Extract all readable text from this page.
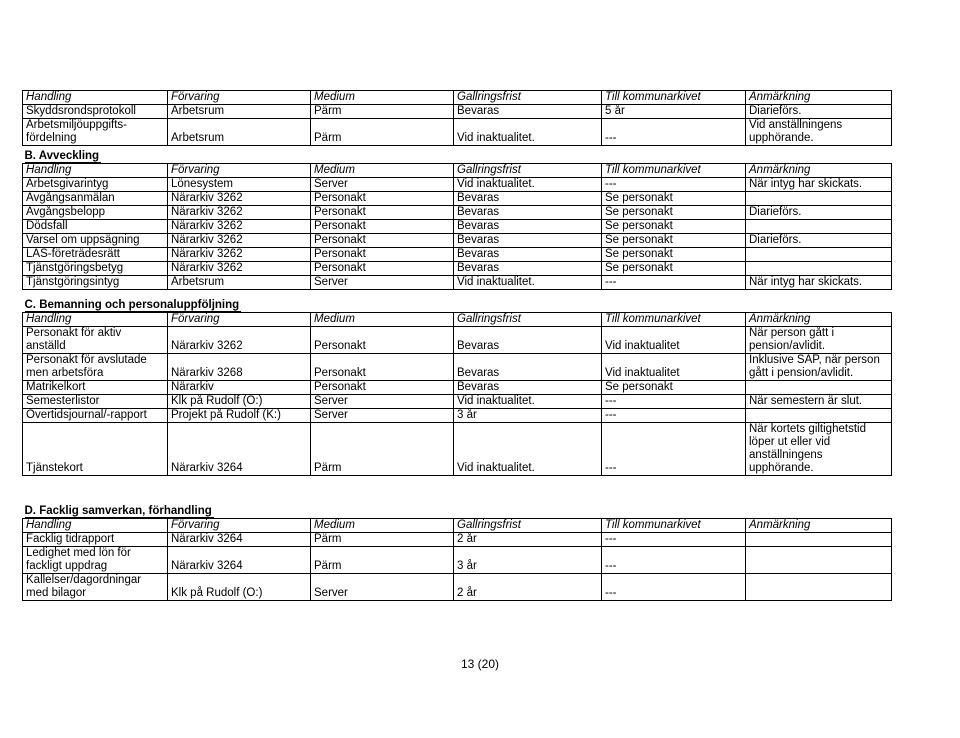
Handling	Förvaring	Medium	Gallringsfrist	Till kommunarkivet	Anmärkning
Skyddsrondsprotokoll	Arbetsrum	Pärm	Bevaras	5 år	Diarieförs.
Arbetsmiljöuppgifts-
fördelning	Arbetsrum	Pärm	Vid inaktualitet.	---	Vid anställningens
upphörande.
B. Avveckling					
Handling	Förvaring	Medium	Gallringsfrist	Till kommunarkivet	Anmärkning
Arbetsgivarintyg	Lönesystem	Server	Vid inaktualitet.	---	När intyg har skickats.
Avgångsanmälan	Närarkiv 3262	Personakt	Bevaras	Se personakt	
Avgångsbelopp	Närarkiv 3262	Personakt	Bevaras	Se personakt	Diarieförs.
Dödsfall	Närarkiv 3262	Personakt	Bevaras	Se personakt	
Varsel om uppsägning	Närarkiv 3262	Personakt	Bevaras	Se personakt	Diarieförs.
LAS-företrädesrätt	Närarkiv 3262	Personakt	Bevaras	Se personakt	
Tjänstgöringsbetyg	Närarkiv 3262	Personakt	Bevaras	Se personakt	
Tjänstgöringsintyg	Arbetsrum	Server	Vid inaktualitet.	---	När intyg har skickats.
C. Bemanning och personaluppföljning					
Handling	Förvaring	Medium	Gallringsfrist	Till kommunarkivet	Anmärkning
Personakt för aktiv
anställd	Närarkiv 3262	Personakt	Bevaras	Vid inaktualitet	När person gått i
pension/avlidit.
Personakt för avslutade
men arbetsföra	Närarkiv 3268	Personakt	Bevaras	Vid inaktualitet	Inklusive SAP, när person
gått i pension/avlidit.
Matrikelkort	Närarkiv	Personakt	Bevaras	Se personakt	
Semesterlistor	Klk på Rudolf (O:)	Server	Vid inaktualitet.	---	När semestern är slut.
Övertidsjournal/-rapport	Projekt på Rudolf (K:)	Server	3 år	---	
Tjänstekort	Närarkiv 3264	Pärm	Vid inaktualitet.	---	När kortets giltighetstid
löper ut eller vid
anställningens
upphörande.
D. Facklig samverkan, förhandling					
Handling	Förvaring	Medium	Gallringsfrist	Till kommunarkivet	Anmärkning
Facklig tidrapport	Närarkiv 3264	Pärm	2 år	---	
Ledighet med lön för
fackligt uppdrag	Närarkiv 3264	Pärm	3 år	---	
Kallelser/dagordningar
med bilagor	Klk på Rudolf (O:)	Server	2 år	---	
13 (20)
